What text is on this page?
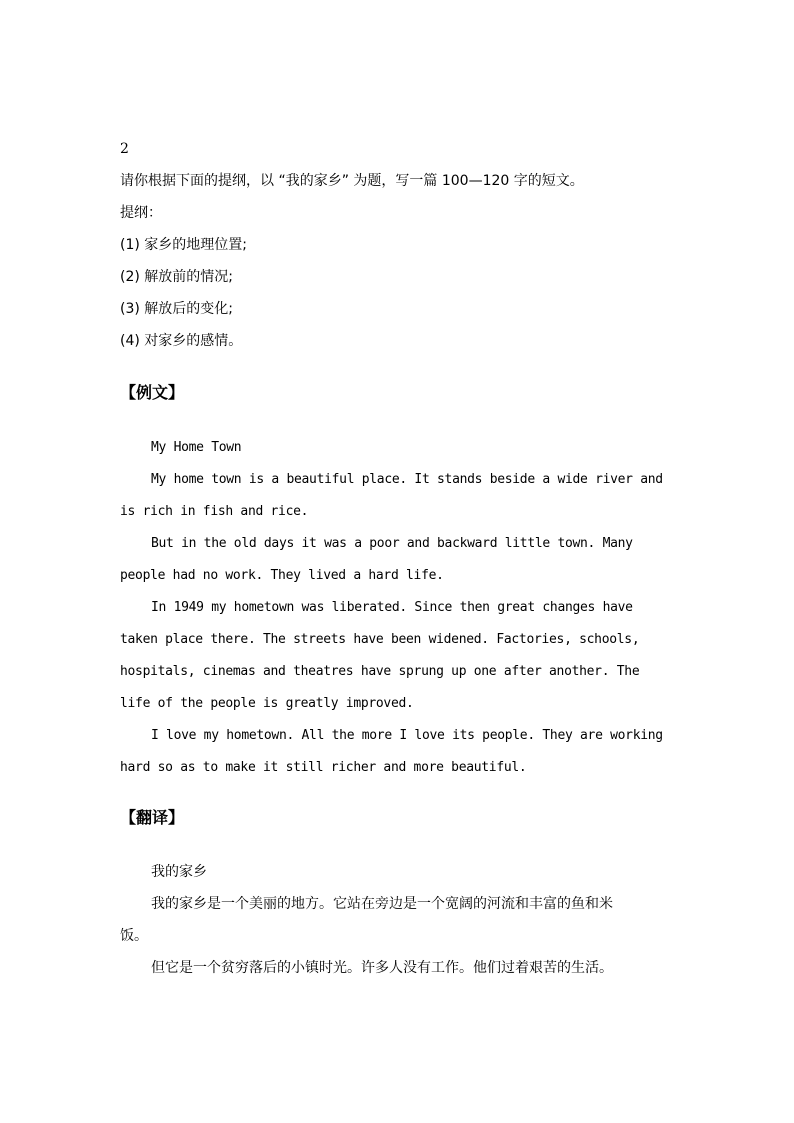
2
请你根据下面的提纲，以 “我的家乡” 为题，写一篇 100—120 字的短文。
提纲：
(1) 家乡的地理位置;
(2) 解放前的情况;
(3) 解放后的变化;
(4) 对家乡的感情。
【例文】
My Home Town
My home town is a beautiful place. It stands beside a wide river and
is rich in fish and rice.
But in the old days it was a poor and backward little town. Many
people had no work. They lived a hard life.
In 1949 my hometown was liberated. Since then great changes have
taken place there. The streets have been widened. Factories, schools,
hospitals, cinemas and theatres have sprung up one after another. The
life of the people is greatly improved.
I love my hometown. All the more I love its people. They are working
hard so as to make it still richer and more beautiful.
【翻译】
我的家乡
我的家乡是一个美丽的地方。它站在旁边是一个宽阔的河流和丰富的鱼和米
饭。
但它是一个贫穷落后的小镇时光。许多人没有工作。他们过着艰苦的生活。
